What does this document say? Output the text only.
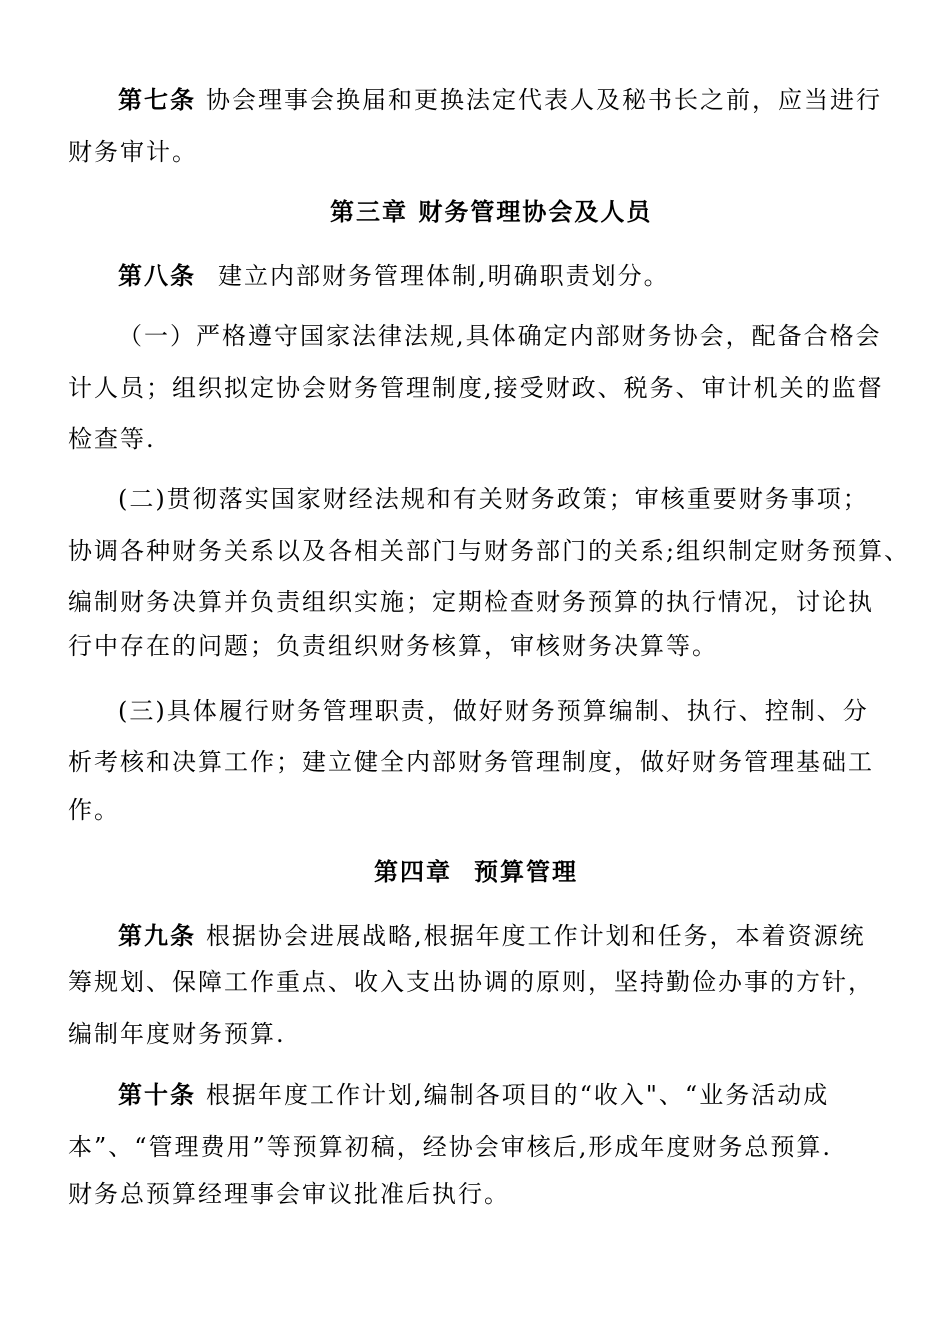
第七条 协会理事会换届和更换法定代表人及秘书长之前，应当进行
财务审计。
第三章 财务管理协会及人员
第八条 建立内部财务管理体制,明确职责划分。
（一）严格遵守国家法律法规,具体确定内部财务协会，配备合格会
计人员；组织拟定协会财务管理制度,接受财政、税务、审计机关的监督
检查等.
(二)贯彻落实国家财经法规和有关财务政策；审核重要财务事项；
协调各种财务关系以及各相关部门与财务部门的关系;组织制定财务预算、
编制财务决算并负责组织实施；定期检查财务预算的执行情况，讨论执
行中存在的问题；负责组织财务核算，审核财务决算等。
(三)具体履行财务管理职责，做好财务预算编制、执行、控制、分
析考核和决算工作；建立健全内部财务管理制度，做好财务管理基础工
作。
第四章 预算管理
第九条 根据协会进展战略,根据年度工作计划和任务，本着资源统
筹规划、保障工作重点、收入支出协调的原则，坚持勤俭办事的方针，
编制年度财务预算.
第十条 根据年度工作计划,编制各项目的“收入"、“业务活动成
本”、“管理费用”等预算初稿，经协会审核后,形成年度财务总预算.
财务总预算经理事会审议批准后执行。
